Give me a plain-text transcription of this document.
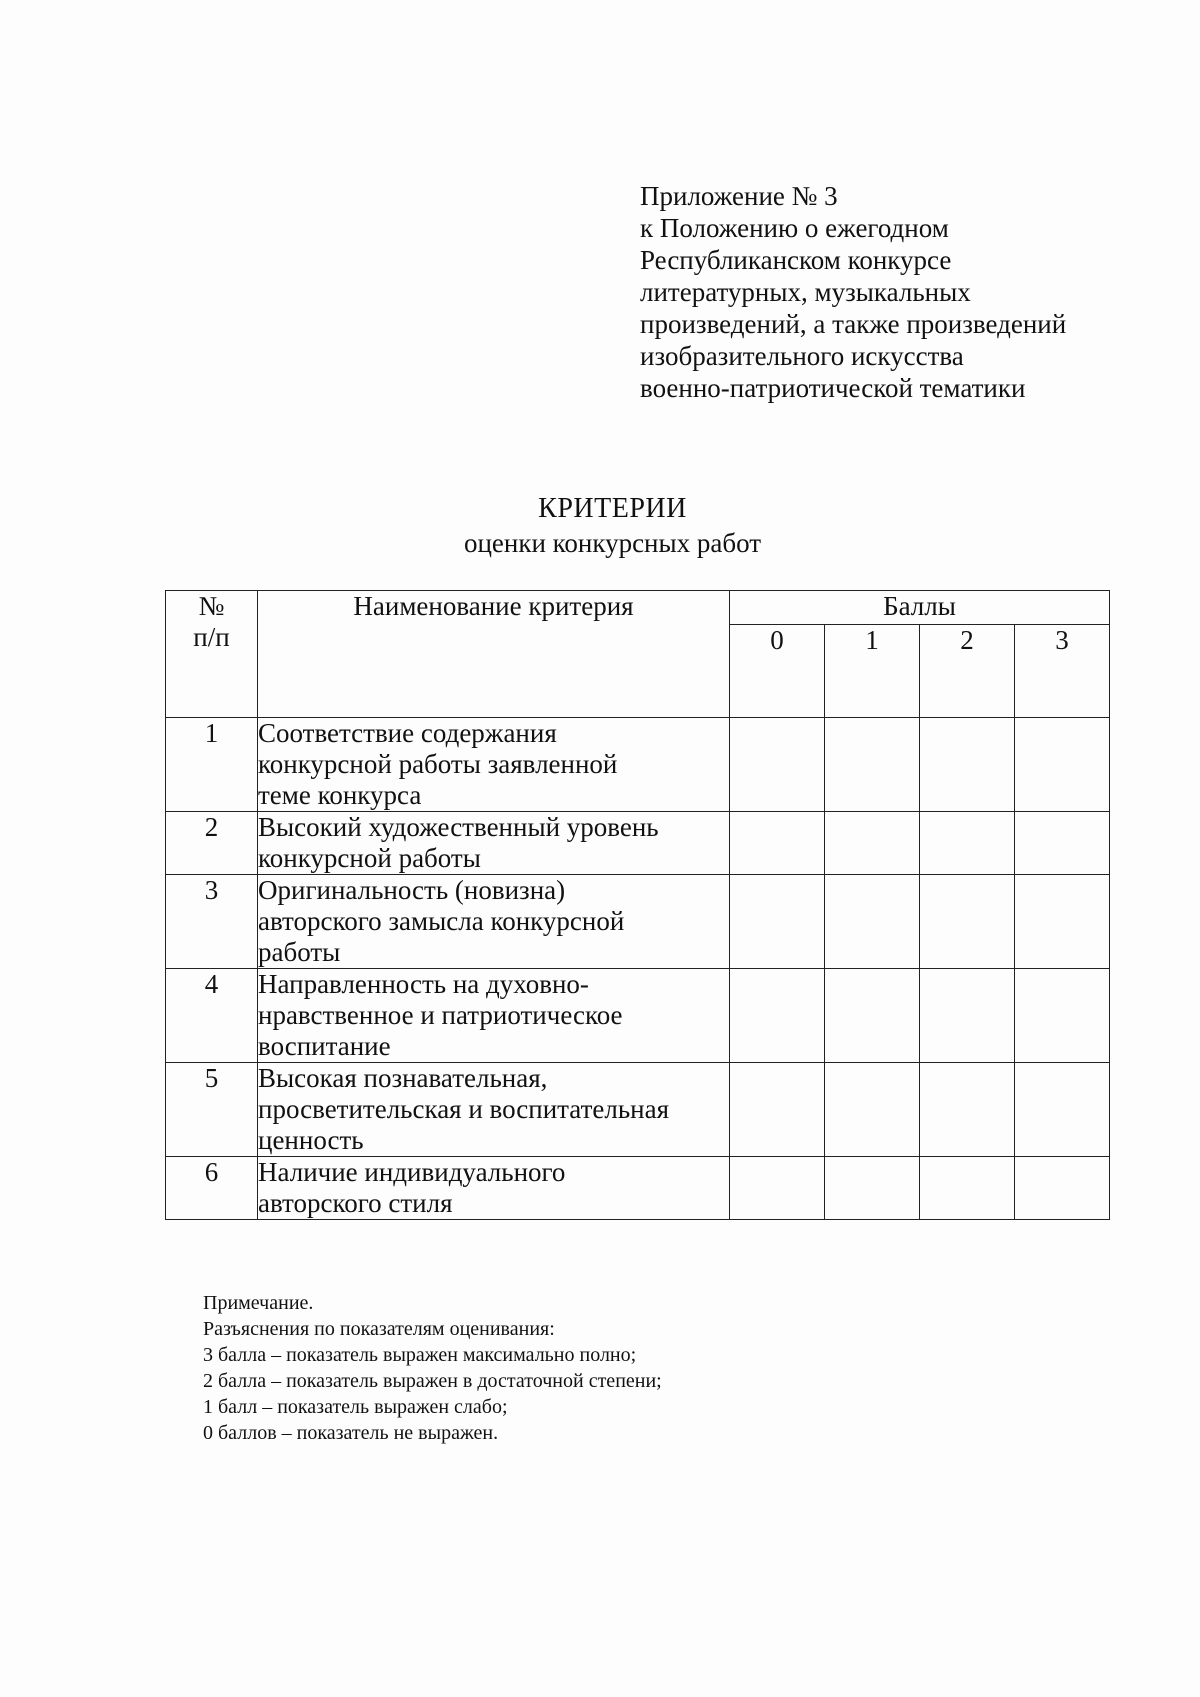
Приложение № 3
к Положению о ежегодном
Республиканском конкурсе
литературных, музыкальных
произведений, а также произведений
изобразительного искусства
военно-патриотической тематики
КРИТЕРИИ
оценки конкурсных работ
№
п/п	Наименование критерия	Баллы			
		0	1	2	3
1	Соответствие содержания
конкурсной работы заявленной
теме конкурса				

2	Высокий художественный уровень
конкурсной работы				

3	Оригинальность (новизна)
авторского замысла конкурсной
работы				

4	Направленность на духовно-
нравственное и патриотическое
воспитание				

5	Высокая познавательная,
просветительская и воспитательная
ценность				

6	Наличие индивидуального
авторского стиля				

Примечание.
Разъяснения по показателям оценивания:
3 балла – показатель выражен максимально полно;
2 балла – показатель выражен в достаточной степени;
1 балл – показатель выражен слабо;
0 баллов – показатель не выражен.
